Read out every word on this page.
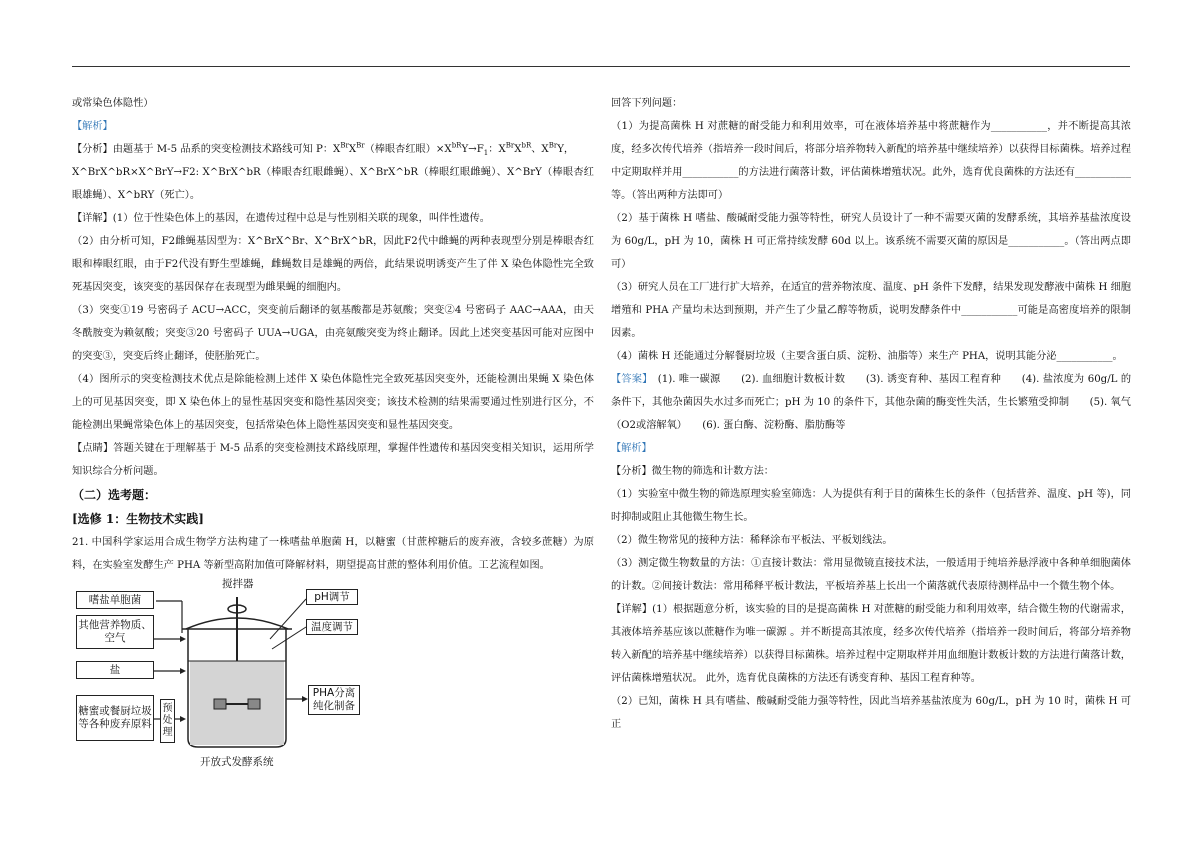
或常染色体隐性）

【解析】

【分析】由题基于 M-5 品系的突变检测技术路线可知 P：$X^{Br}X^{Br}$（棒眼杏红眼）$\times X^{bR}Y\to F_1$：$X^{Br}X^{bR}$、$X^{Br}Y$，
X^BrX^bR×X^BrY→F2: X^BrX^bR（棒眼杏红眼雌蝇）、X^BrX^bR（棒眼红眼雌蝇）、X^BrY（棒眼杏红眼雄蝇）、X^bRY（死亡）。

【详解】(1）位于性染色体上的基因，在遗传过程中总是与性别相关联的现象，叫伴性遗传。

（2）由分析可知，F2雌蝇基因型为：X^BrX^Br、X^BrX^bR，因此F2代中雌蝇的两种表现型分别是棒眼杏红眼和棒眼红眼，由于F2代没有野生型雄蝇，雌蝇数目是雄蝇的两倍，此结果说明诱变产生了伴 X 染色体隐性完全致死基因突变，该突变的基因保存在表现型为雌果蝇的细胞内。

（3）突变①19 号密码子 ACU→ACC，突变前后翻译的氨基酸都是苏氨酸；突变②4 号密码子 AAC→AAA，由天冬酰胺变为赖氨酸；突变③20 号密码子 UUA→UGA，由亮氨酸突变为终止翻译。因此上述突变基因可能对应图中的突变③，突变后终止翻译，使胚胎死亡。

（4）图所示的突变检测技术优点是除能检测上述伴 X 染色体隐性完全致死基因突变外，还能检测出果蝇 X 染色体上的可见基因突变，即 X 染色体上的显性基因突变和隐性基因突变；该技术检测的结果需要通过性别进行区分，不能检测出果蝇常染色体上的基因突变，包括常染色体上隐性基因突变和显性基因突变。

【点睛】答题关键在于理解基于 M-5 品系的突变检测技术路线原理，掌握伴性遗传和基因突变相关知识，运用所学知识综合分析问题。

（二）选考题：

[选修 1：生物技术实践]

21. 中国科学家运用合成生物学方法构建了一株嗜盐单胞菌 H，以糖蜜（甘蔗榨糖后的废弃液，含较多蔗糖）为原料，在实验室发酵生产 PHA 等新型高附加值可降解材料，期望提高甘蔗的整体利用价值。工艺流程如图。

搅拌器
pH调节
温度调节
嗜盐单胞菌
其他营养物质、空气
盐
糖蜜或餐厨垃圾等各种废弃原料
预处理
PHA分离纯化制备
开放式发酵系统

回答下列问题：

（1）为提高菌株 H 对蔗糖的耐受能力和利用效率，可在液体培养基中将蔗糖作为___________，并不断提高其浓度，经多次传代培养（指培养一段时间后，将部分培养物转入新配的培养基中继续培养）以获得目标菌株。培养过程中定期取样并用___________的方法进行菌落计数，评估菌株增殖状况。此外，选育优良菌株的方法还有___________等。（答出两种方法即可）

（2）基于菌株 H 嗜盐、酸碱耐受能力强等特性，研究人员设计了一种不需要灭菌的发酵系统，其培养基盐浓度设为 60g/L，pH 为 10，菌株 H 可正常持续发酵 60d 以上。该系统不需要灭菌的原因是___________。（答出两点即可）

（3）研究人员在工厂进行扩大培养，在适宜的营养物浓度、温度、pH 条件下发酵，结果发现发酵液中菌株 H 细胞增殖和 PHA 产量均未达到预期，并产生了少量乙醇等物质，说明发酵条件中___________可能是高密度培养的限制因素。

（4）菌株 H 还能通过分解餐厨垃圾（主要含蛋白质、淀粉、油脂等）来生产 PHA，说明其能分泌___________。

【答案】　 (1). 唯一碳源　　(2). 血细胞计数板计数　　(3). 诱变育种、基因工程育种　　(4). 盐浓度为 60g/L 的条件下，其他杂菌因失水过多而死亡；pH 为 10 的条件下，其他杂菌的酶变性失活，生长繁殖受抑制　　(5). 氧气（O2或溶解氧）　　(6). 蛋白酶、淀粉酶、脂肪酶等

【解析】

【分析】微生物的筛选和计数方法：

（1）实验室中微生物的筛选原理实验室筛选：人为提供有利于目的菌株生长的条件（包括营养、温度、pH 等)，同时抑制或阻止其他微生物生长。

（2）微生物常见的接种方法：稀释涂布平板法、平板划线法。

（3）测定微生物数量的方法：①直接计数法：常用显微镜直接技术法，一般适用于纯培养悬浮液中各种单细胞菌体的计数。②间接计数法：常用稀释平板计数法，平板培养基上长出一个菌落就代表原待测样品中一个微生物个体。

【详解】(1）根据题意分析，该实验的目的是提高菌株 H 对蔗糖的耐受能力和利用效率，结合微生物的代谢需求，其液体培养基应该以蔗糖作为唯一碳源 。并不断提高其浓度，经多次传代培养（指培养一段时间后，将部分培养物转入新配的培养基中继续培养）以获得目标菌株。培养过程中定期取样并用血细胞计数板计数的方法进行菌落计数，评估菌株增殖状况。 此外，选育优良菌株的方法还有诱变育种、基因工程育种等。

（2）已知，菌株 H 具有嗜盐、酸碱耐受能力强等特性，因此当培养基盐浓度为 60g/L，pH 为 10 时，菌株 H 可正
